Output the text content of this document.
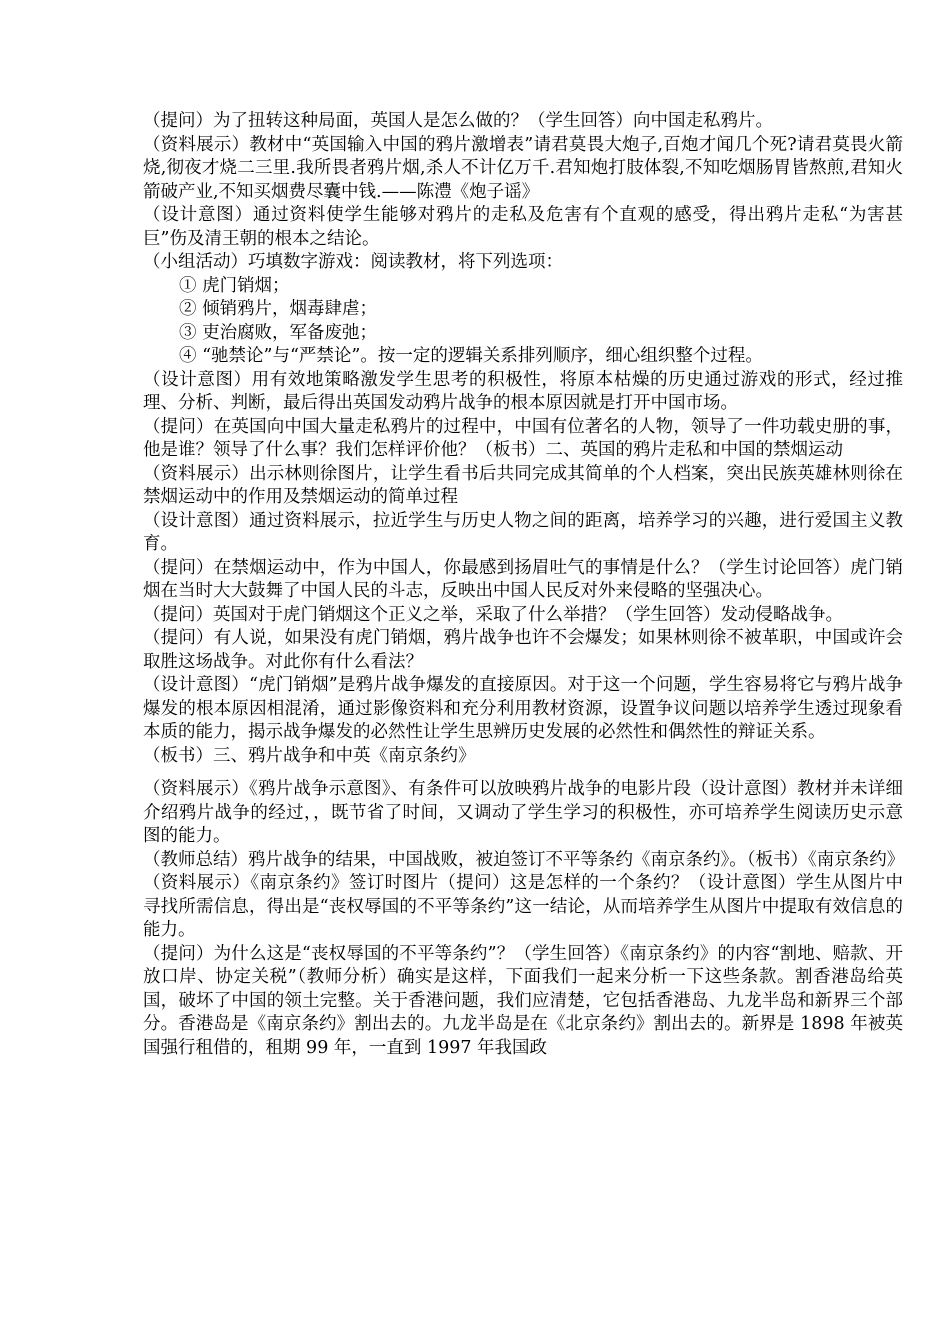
（提问）为了扭转这种局面，英国人是怎么做的？（学生回答）向中国走私鸦片。

（资料展示）教材中“英国输入中国的鸦片激增表”请君莫畏大炮子,百炮才闻几个死?请君莫畏火箭烧,彻夜才烧二三里.我所畏者鸦片烟,杀人不计亿万千.君知炮打肢体裂,不知吃烟肠胃皆熬煎,君知火箭破产业,不知买烟费尽囊中钱.——陈澧《炮子谣》

（设计意图）通过资料使学生能够对鸦片的走私及危害有个直观的感受，得出鸦片走私“为害甚巨”伤及清王朝的根本之结论。

（小组活动）巧填数字游戏：阅读教材，将下列选项：

① 虎门销烟；

② 倾销鸦片，烟毒肆虐；

③ 吏治腐败，军备废弛；

④ “驰禁论”与“严禁论”。按一定的逻辑关系排列顺序，细心组织整个过程。

（设计意图）用有效地策略激发学生思考的积极性，将原本枯燥的历史通过游戏的形式，经过推理、分析、判断，最后得出英国发动鸦片战争的根本原因就是打开中国市场。

（提问）在英国向中国大量走私鸦片的过程中，中国有位著名的人物，领导了一件功载史册的事，他是谁？领导了什么事？我们怎样评价他？（板书）二、英国的鸦片走私和中国的禁烟运动

（资料展示）出示林则徐图片，让学生看书后共同完成其简单的个人档案，突出民族英雄林则徐在禁烟运动中的作用及禁烟运动的简单过程

（设计意图）通过资料展示，拉近学生与历史人物之间的距离，培养学习的兴趣，进行爱国主义教育。

（提问）在禁烟运动中，作为中国人，你最感到扬眉吐气的事情是什么？（学生讨论回答）虎门销烟在当时大大鼓舞了中国人民的斗志，反映出中国人民反对外来侵略的坚强决心。

（提问）英国对于虎门销烟这个正义之举，采取了什么举措？（学生回答）发动侵略战争。

（提问）有人说，如果没有虎门销烟，鸦片战争也许不会爆发；如果林则徐不被革职，中国或许会取胜这场战争。对此你有什么看法？

（设计意图）“虎门销烟”是鸦片战争爆发的直接原因。对于这一个问题，学生容易将它与鸦片战争爆发的根本原因相混淆，通过影像资料和充分利用教材资源，设置争议问题以培养学生透过现象看本质的能力，揭示战争爆发的必然性让学生思辨历史发展的必然性和偶然性的辩证关系。

（板书）三、鸦片战争和中英《南京条约》

（资料展示）《鸦片战争示意图》、有条件可以放映鸦片战争的电影片段（设计意图）教材并未详细介绍鸦片战争的经过，，既节省了时间，又调动了学生学习的积极性，亦可培养学生阅读历史示意图的能力。

（教师总结）鸦片战争的结果，中国战败，被迫签订不平等条约《南京条约》。（板书）《南京条约》

（资料展示）《南京条约》签订时图片（提问）这是怎样的一个条约？（设计意图）学生从图片中寻找所需信息，得出是“丧权辱国的不平等条约”这一结论，从而培养学生从图片中提取有效信息的能力。

（提问）为什么这是“丧权辱国的不平等条约”？（学生回答）《南京条约》的内容“割地、赔款、开放口岸、协定关税”（教师分析）确实是这样，下面我们一起来分析一下这些条款。割香港岛给英国，破坏了中国的领土完整。关于香港问题，我们应清楚，它包括香港岛、九龙半岛和新界三个部分。香港岛是《南京条约》割出去的。九龙半岛是在《北京条约》割出去的。新界是 1898 年被英国强行租借的，租期 99 年，一直到 1997 年我国政
